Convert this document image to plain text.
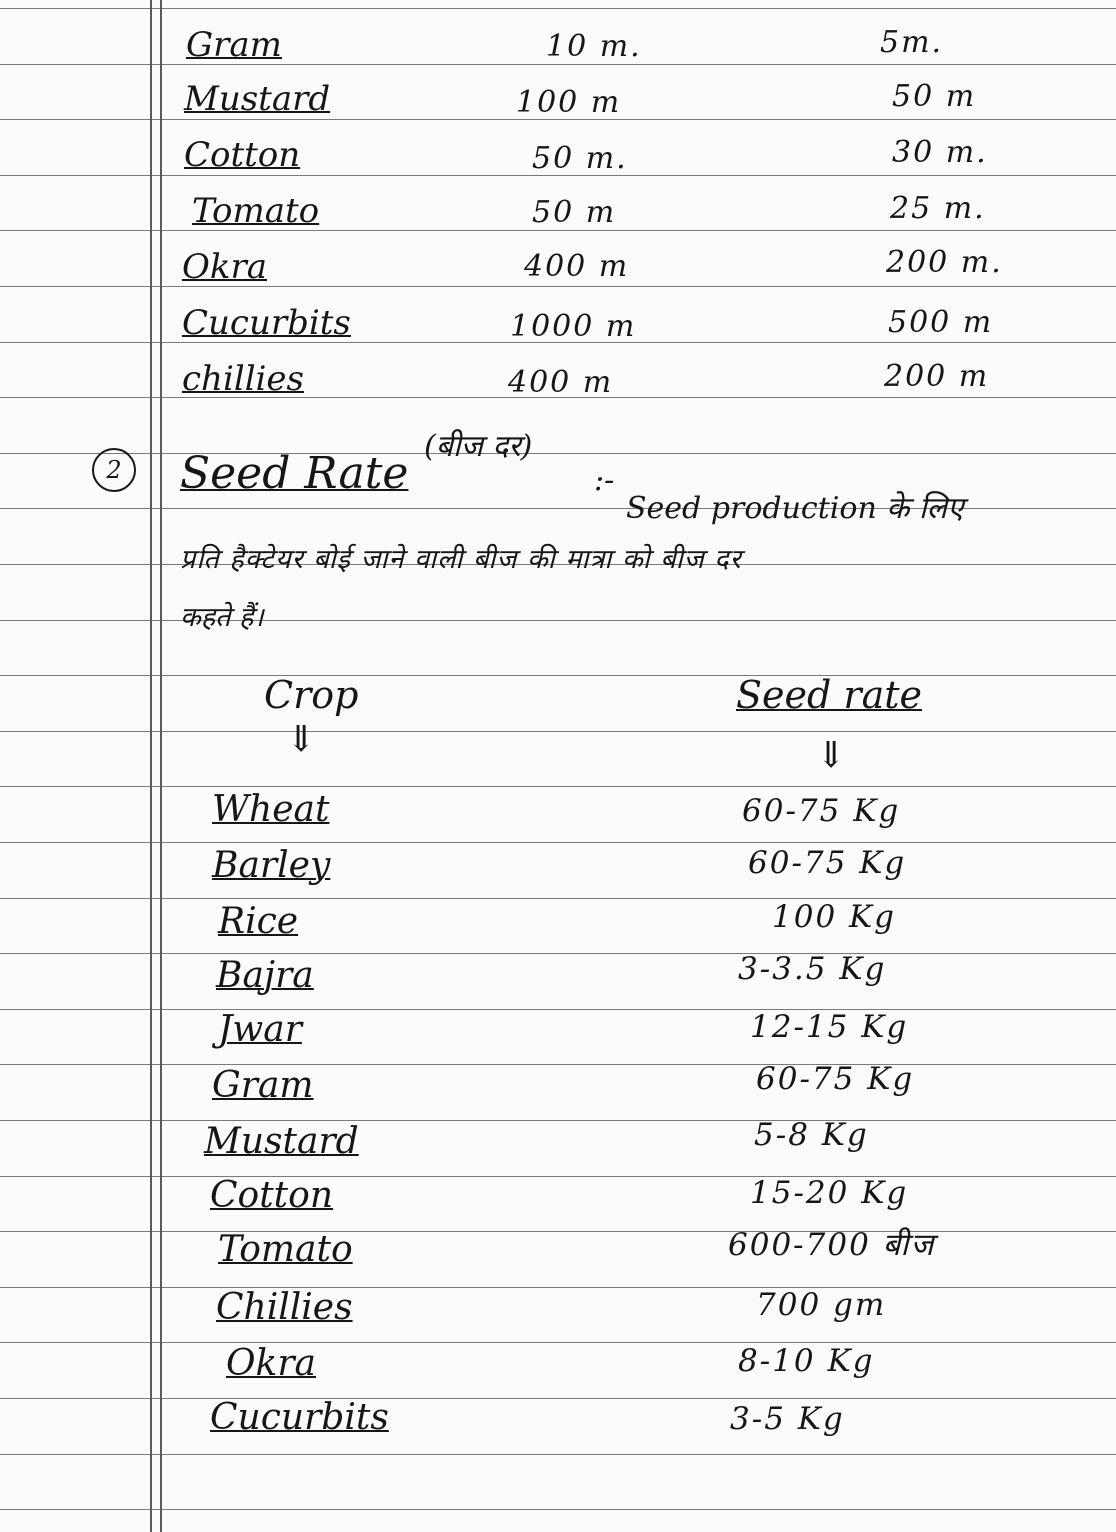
Gram	10 m.	5m.
Mustard	100 m	50 m
Cotton	50 m.	30 m.
Tomato	50 m	25 m.
Okra	400 m	200 m.
Cucurbits	1000 m	500 m
chillies	400 m	200 m
2	Seed Rate
(बीज दर)
:-
Seed production के लिए
प्रति हैक्टेयर बोई जाने वाली बीज की मात्रा को बीज दर
कहते हैं।
Crop	Seed rate
⇓	⇓
Wheat	60-75 Kg
Barley	60-75 Kg
Rice	100 Kg
Bajra	3-3.5 Kg
Jwar	12-15 Kg
Gram	60-75 Kg
Mustard	5-8 Kg
Cotton	15-20 Kg
Tomato	600-700 बीज
Chillies	700 gm
Okra	8-10 Kg
Cucurbits	3-5 Kg
